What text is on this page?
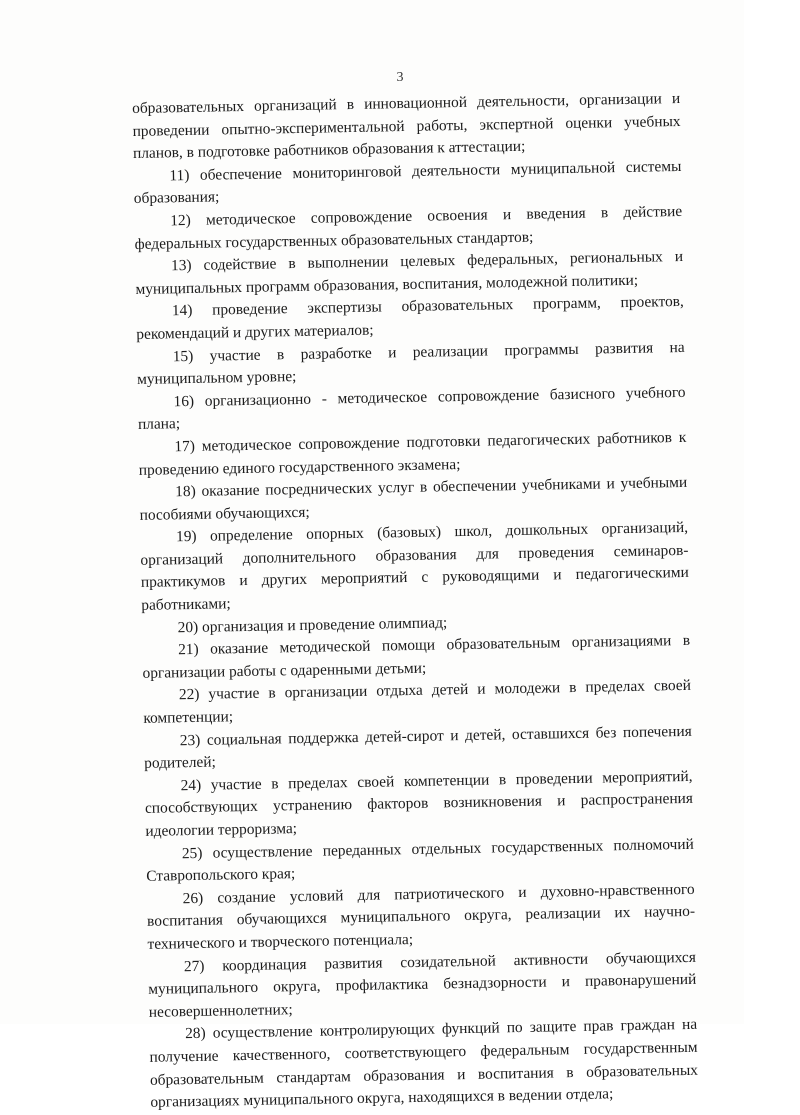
3

образовательных организаций в инновационной деятельности, организации и проведении опытно-экспериментальной работы, экспертной оценки учебных планов, в подготовке работников образования к аттестации;

11) обеспечение мониторинговой деятельности муниципальной системы образования;

12) методическое сопровождение освоения и введения в действие федеральных государственных образовательных стандартов;

13) содействие в выполнении целевых федеральных, региональных и муниципальных программ образования, воспитания, молодежной политики;

14) проведение экспертизы образовательных программ, проектов, рекомендаций и других материалов;

15) участие в разработке и реализации программы развития на муниципальном уровне;

16) организационно - методическое сопровождение базисного учебного плана;

17) методическое сопровождение подготовки педагогических работников к проведению единого государственного экзамена;

18) оказание посреднических услуг в обеспечении учебниками и учебными пособиями обучающихся;

19) определение опорных (базовых) школ, дошкольных организаций, организаций дополнительного образования для проведения семинаров-практикумов и других мероприятий с руководящими и педагогическими работниками;

20) организация и проведение олимпиад;

21) оказание методической помощи образовательным организациями в организации работы с одаренными детьми;

22) участие в организации отдыха детей и молодежи в пределах своей компетенции;

23) социальная поддержка детей-сирот и детей, оставшихся без попечения родителей;

24) участие в пределах своей компетенции в проведении мероприятий, способствующих устранению факторов возникновения и распространения идеологии терроризма;

25) осуществление переданных отдельных государственных полномочий Ставропольского края;

26) создание условий для патриотического и духовно-нравственного воспитания обучающихся муниципального округа, реализации их научно-технического и творческого потенциала;

27) координация развития созидательной активности обучающихся муниципального округа, профилактика безнадзорности и правонарушений несовершеннолетних;

28) осуществление контролирующих функций по защите прав граждан на получение качественного, соответствующего федеральным государственным образовательным стандартам образования и воспитания в образовательных организациях муниципального округа, находящихся в ведении отдела;
